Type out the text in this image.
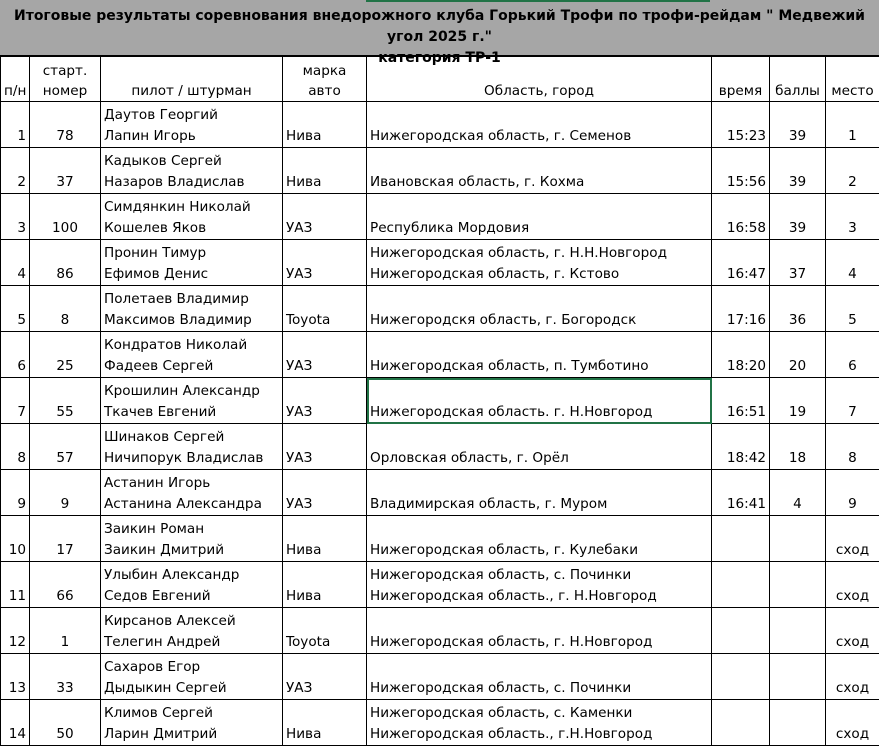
Итоговые результаты соревнования внедорожного клуба Горький Трофи по трофи-рейдам " Медвежий угол 2025 г."
категория ТР-1
п/н	старт.
номер	пилот / штурман	марка
авто	Область, город	время	баллы	место

1	78	Даутов Георгий
Лапин Игорь	Нива	Нижегородская область, г. Семенов	15:23	39	1

2	37	Кадыков Сергей
Назаров Владислав	Нива	Ивановская область, г. Кохма	15:56	39	2

3	100	Симдянкин Николай
Кошелев Яков	УАЗ	Республика Мордовия	16:58	39	3

4	86	Пронин Тимур
Ефимов Денис	УАЗ	Нижегородская область, г. Н.Н.Новгород
Нижегородская область, г. Кстово	16:47	37	4

5	8	Полетаев Владимир
Максимов Владимир	Toyota	Нижегородскя область, г. Богородск	17:16	36	5

6	25	Кондратов Николай
Фадеев Сергей	УАЗ	Нижегородская область, п. Тумботино	18:20	20	6

7	55	Крошилин Александр
Ткачев Евгений	УАЗ	Нижегородская область. г. Н.Новгород	16:51	19	7

8	57	Шинаков Сергей
Ничипорук Владислав	УАЗ	Орловская область, г. Орёл	18:42	18	8

9	9	Астанин Игорь
Астанина Александра	УАЗ	Владимирская область, г. Муром	16:41	4	9

10	17	Заикин Роман
Заикин Дмитрий	Нива	Нижегородская область, г. Кулебаки			сход

11	66	Улыбин Александр
Седов Евгений	Нива	Нижегородская область, с. Починки
Нижегородская область., г. Н.Новгород			сход

12	1	Кирсанов Алексей
Телегин Андрей	Toyota	Нижегородская область, г. Н.Новгород			сход

13	33	Сахаров Егор
Дыдыкин Сергей	УАЗ	Нижегородская область, с. Починки			сход

14	50	Климов Сергей
Ларин Дмитрий	Нива	Нижегородская область, с. Каменки
Нижегородская область., г.Н.Новгород			сход
